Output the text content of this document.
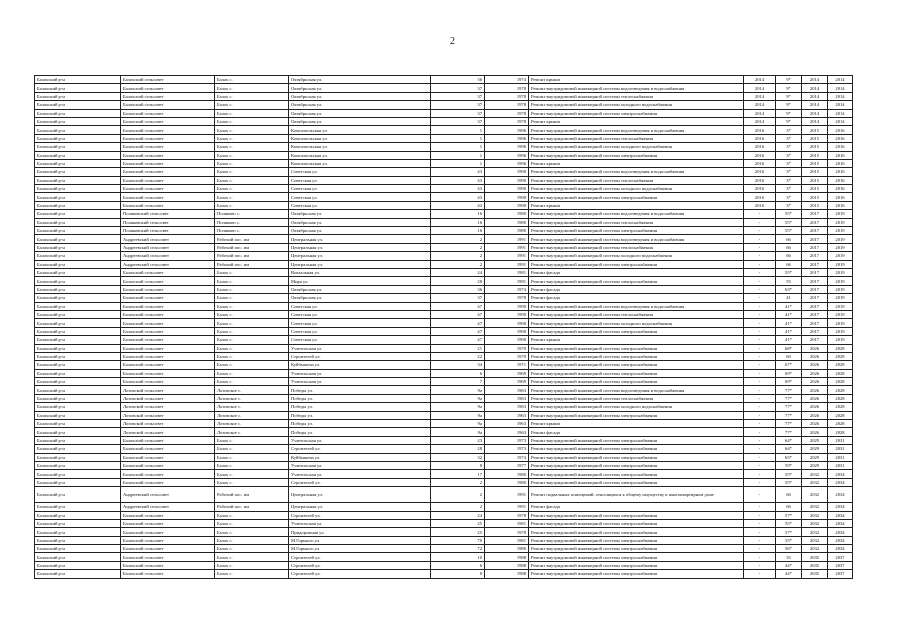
2
Балахский р-н	Балахский сельсовет	Балах с.	Октябрьская ул.	36	1974	Ремонт крыши	2014	9*	2014	2014
Балахский р-н	Балахский сельсовет	Балах с.	Октябрьская ул.	37	1978	Ремонт внутридомовой инженерной системы водоотведения и водоснабжения	2014	9*	2014	2014
Балахский р-н	Балахский сельсовет	Балах с.	Октябрьская ул.	37	1978	Ремонт внутридомовой инженерной системы теплоснабжения	2014	9*	2014	2014
Балахский р-н	Балахский сельсовет	Балах с.	Октябрьская ул.	37	1978	Ремонт внутридомовой инженерной системы холодного водоснабжения	2014	9*	2014	2014
Балахский р-н	Балахский сельсовет	Балах с.	Октябрьская ул.	37	1978	Ремонт внутридомовой инженерной системы электроснабжения	2014	9*	2014	2014
Балахский р-н	Балахский сельсовет	Балах с.	Октябрьская ул.	37	1978	Ремонт крыши	2014	9*	2014	2014
Балахский р-н	Балахский сельсовет	Балах с.	Комсомольская ул.	1	1996	Ремонт внутридомовой инженерной системы водоотведения и водоснабжения	2016	3*	2015	2016
Балахский р-н	Балахский сельсовет	Балах с.	Комсомольская ул.	1	1996	Ремонт внутридомовой инженерной системы теплоснабжения	2016	3*	2015	2016
Балахский р-н	Балахский сельсовет	Балах с.	Комсомольская ул.	1	1996	Ремонт внутридомовой инженерной системы холодного водоснабжения	2016	3*	2015	2016
Балахский р-н	Балахский сельсовет	Балах с.	Комсомольская ул.	1	1996	Ремонт внутридомовой инженерной системы электроснабжения	2016	3*	2015	2016
Балахский р-н	Балахский сельсовет	Балах с.	Комсомольская ул.	1	1996	Ремонт крыши	2016	3*	2015	2016
Балахский р-н	Балахский сельсовет	Балах с.	Советская ул.	43	1990	Ремонт внутридомовой инженерной системы водоотведения и водоснабжения	2016	3*	2015	2016
Балахский р-н	Балахский сельсовет	Балах с.	Советская ул.	43	1990	Ремонт внутридомовой инженерной системы теплоснабжения	2016	3*	2015	2016
Балахский р-н	Балахский сельсовет	Балах с.	Советская ул.	43	1990	Ремонт внутридомовой инженерной системы холодного водоснабжения	2016	3*	2015	2016
Балахский р-н	Балахский сельсовет	Балах с.	Советская ул.	43	1990	Ремонт внутридомовой инженерной системы электроснабжения	2016	3*	2015	2016
Балахский р-н	Балахский сельсовет	Балах с.	Советская ул.	43	1990	Ремонт крыши	2016	3*	2015	2016
Балахский р-н	Поляковский сельсовет	Поляково с.	Октябрьская ул.	16	1980	Ремонт внутридомовой инженерной системы водоотведения и водоснабжения	-	55*	2017	2019
Балахский р-н	Поляковский сельсовет	Поляково с.	Октябрьская ул.	16	1980	Ремонт внутридомовой инженерной системы теплоснабжения	-	55*	2017	2019
Балахский р-н	Поляковский сельсовет	Поляково с.	Октябрьская ул.	16	1980	Ремонт внутридомовой инженерной системы электроснабжения	-	55*	2017	2019
Балахский р-н	Андреевский сельсовет	Рабочий пос. им	Центральная ул.	2	1991	Ремонт внутридомовой инженерной системы водоотведения и водоснабжения	-	66	2017	2019
Балахский р-н	Андреевский сельсовет	Рабочий пос. им	Центральная ул.	2	1991	Ремонт внутридомовой инженерной системы теплоснабжения	-	66	2017	2019
Балахский р-н	Андреевский сельсовет	Рабочий пос. им	Центральная ул.	2	1991	Ремонт внутридомовой инженерной системы холодного водоснабжения	-	66	2017	2019
Балахский р-н	Андреевский сельсовет	Рабочий пос. им	Центральная ул.	2	1991	Ремонт внутридомовой инженерной системы электроснабжения	-	66	2017	2019
Балахский р-н	Балахский сельсовет	Балах с.	Вокзальная ул.	24	1981	Ремонт фасада	-	55*	2017	2019
Балахский р-н	Балахский сельсовет	Балах с.	Мира ул.	28	1991	Ремонт внутридомовой инженерной системы электроснабжения	-	55	2017	2019
Балахский р-н	Балахский сельсовет	Балах с.	Октябрьская ул.	36	1974	Ремонт фасада	-	63*	2017	2019
Балахский р-н	Балахский сельсовет	Балах с.	Октябрьская ул.	37	1978	Ремонт фасада	-	41	2017	2019
Балахский р-н	Балахский сельсовет	Балах с.	Советская ул.	47	1990	Ремонт внутридомовой инженерной системы водоотведения и водоснабжения	-	41*	2017	2019
Балахский р-н	Балахский сельсовет	Балах с.	Советская ул.	47	1990	Ремонт внутридомовой инженерной системы теплоснабжения	-	41*	2017	2019
Балахский р-н	Балахский сельсовет	Балах с.	Советская ул.	47	1990	Ремонт внутридомовой инженерной системы холодного водоснабжения	-	41*	2017	2019
Балахский р-н	Балахский сельсовет	Балах с.	Советская ул.	47	1990	Ремонт внутридомовой инженерной системы электроснабжения	-	41*	2017	2019
Балахский р-н	Балахский сельсовет	Балах с.	Советская ул.	47	1990	Ремонт крыши	-	41*	2017	2019
Балахский р-н	Балахский сельсовет	Балах с.	Учительская ул.	21	1970	Ремонт внутридомовой инженерной системы электроснабжения	-	68*	2026	2028
Балахский р-н	Балахский сельсовет	Балах с.	Строителей ул.	22	1970	Ремонт внутридомовой инженерной системы электроснабжения	-	60	2026	2028
Балахский р-н	Балахский сельсовет	Балах с.	Куйбышева ул.	34	1971	Ремонт внутридомовой инженерной системы электроснабжения	-	67*	2026	2028
Балахский р-н	Балахский сельсовет	Балах с.	Учительская ул.	6	1969	Ремонт внутридомовой инженерной системы электроснабжения	-	69*	2026	2028
Балахский р-н	Балахский сельсовет	Балах с.	Учительская ул.	7	1969	Ремонт внутридомовой инженерной системы электроснабжения	-	69*	2026	2028
Балахский р-н	Лозовской сельсовет	Лозовское с.	Победы ул.	9а	1963	Ремонт внутридомовой инженерной системы водоотведения и водоснабжения	-	77*	2026	2028
Балахский р-н	Лозовской сельсовет	Лозовское с.	Победы ул.	9а	1963	Ремонт внутридомовой инженерной системы теплоснабжения	-	77*	2026	2028
Балахский р-н	Лозовской сельсовет	Лозовское с.	Победы ул.	9а	1963	Ремонт внутридомовой инженерной системы холодного водоснабжения	-	77*	2026	2028
Балахский р-н	Лозовской сельсовет	Лозовское с.	Победы ул.	9а	1963	Ремонт внутридомовой инженерной системы электроснабжения	-	77*	2026	2028
Балахский р-н	Лозовской сельсовет	Лозовское с.	Победы ул.	9а	1963	Ремонт крыши	-	77*	2026	2028
Балахский р-н	Лозовской сельсовет	Лозовское с.	Победы ул.	9а	1963	Ремонт фасада	-	77*	2026	2028
Балахский р-н	Балахский сельсовет	Балах с.	Учительская ул.	23	1973	Ремонт внутридомовой инженерной системы электроснабжения	-	64*	2029	2031
Балахский р-н	Балахский сельсовет	Балах с.	Строителей ул.	28	1973	Ремонт внутридомовой инженерной системы электроснабжения	-	64*	2029	2031
Балахский р-н	Балахский сельсовет	Балах с.	Куйбышева ул.	32	1974	Ремонт внутридомовой инженерной системы электроснабжения	-	65*	2029	2031
Балахский р-н	Балахский сельсовет	Балах с.	Учительская ул.	8	1977	Ремонт внутридомовой инженерной системы электроснабжения	-	59*	2029	2031
Балахский р-н	Балахский сельсовет	Балах с.	Учительская ул.	17	1980	Ремонт внутридомовой инженерной системы электроснабжения	-	55*	2032	2034
Балахский р-н	Балахский сельсовет	Балах с.	Строителей ул.	2	1980	Ремонт внутридомовой инженерной системы электроснабжения	-	55*	2032	2034
Балахский р-н	Андреевский сельсовет	Рабочий пос. им	Центральная ул.	2	1991	Ремонт подвальных помещений, относящихся к общему имуществу в многоквартирном доме	-	66	2032	2034
Балахский р-н	Андреевский сельсовет	Рабочий пос. им	Центральная ул.	2	1991	Ремонт фасада	-	66	2032	2034
Балахский р-н	Балахский сельсовет	Балах с.	Строителей ул.	24	1978	Ремонт внутридомовой инженерной системы электроснабжения	-	57*	2032	2034
Балахский р-н	Балахский сельсовет	Балах с.	Учительская ул.	25	1981	Ремонт внутридомовой инженерной системы электроснабжения	-	55*	2032	2034
Балахский р-н	Балахский сельсовет	Балах с.	Придорожная ул.	25	1978	Ремонт внутридомовой инженерной системы электроснабжения	-	57*	2032	2034
Балахский р-н	Балахский сельсовет	Балах с.	М.Горького ул.	70	1981	Ремонт внутридомовой инженерной системы электроснабжения	-	55*	2032	2034
Балахский р-н	Балахский сельсовет	Балах с.	М.Горького ул.	72	1980	Ремонт внутридомовой инженерной системы электроснабжения	-	56*	2032	2034
Балахский р-н	Балахский сельсовет	Балах с.	Строителей ул.	10	1988	Ремонт внутридомовой инженерной системы электроснабжения	-	35	2035	2037
Балахский р-н	Балахский сельсовет	Балах с.	Строителей ул.	6	1988	Ремонт внутридомовой инженерной системы электроснабжения	-	44*	2035	2037
Балахский р-н	Балахский сельсовет	Балах с.	Строителей ул.	8	1988	Ремонт внутридомовой инженерной системы электроснабжения	-	44*	2035	2037
